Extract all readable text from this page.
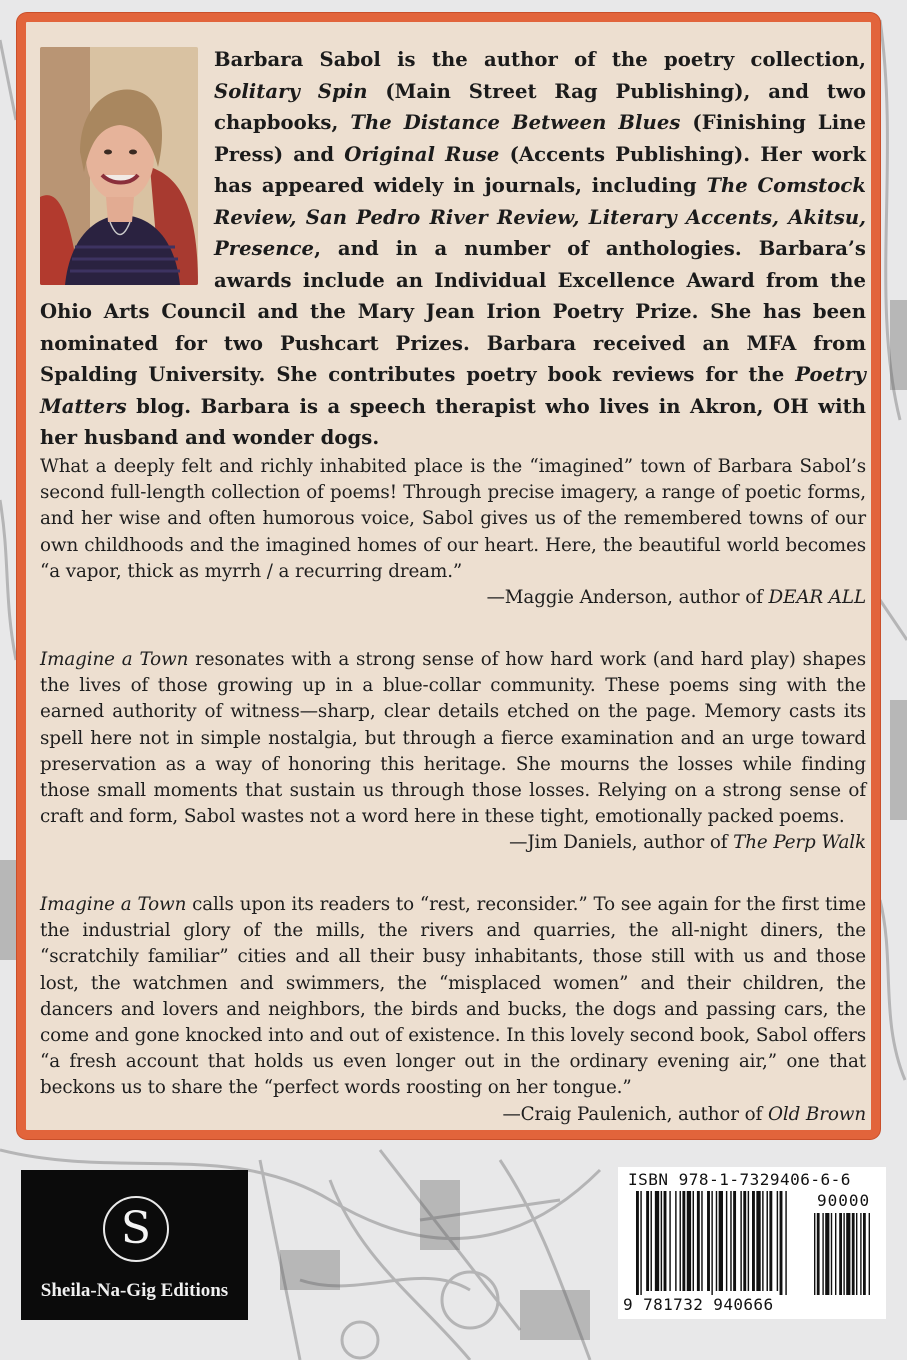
Barbara Sabol is the author of the poetry collection, Solitary Spin (Main Street Rag Publishing), and two chapbooks, The Distance Between Blues (Finishing Line Press) and Original Ruse (Accents Publishing). Her work has appeared widely in journals, including The Comstock Review, San Pedro River Review, Literary Accents, Akitsu, Presence, and in a number of anthologies. Barbara’s awards include an Individual Excellence Award from the Ohio Arts Council and the Mary Jean Irion Poetry Prize. She has been nominated for two Pushcart Prizes. Barbara received an MFA from Spalding University. She contributes poetry book reviews for the Poetry Matters blog. Barbara is a speech therapist who lives in Akron, OH with her husband and wonder dogs.
What a deeply felt and richly inhabited place is the “imagined” town of Barbara Sabol’s second full-length collection of poems! Through precise imagery, a range of poetic forms, and her wise and often humorous voice, Sabol gives us of the remembered towns of our own childhoods and the imagined homes of our heart. Here, the beautiful world becomes “a vapor, thick as myrrh / a recurring dream.”
—Maggie Anderson, author of DEAR ALL
Imagine a Town resonates with a strong sense of how hard work (and hard play) shapes the lives of those growing up in a blue-collar community. These poems sing with the earned authority of witness—sharp, clear details etched on the page. Memory casts its spell here not in simple nostalgia, but through a fierce examination and an urge toward preservation as a way of honoring this heritage. She mourns the losses while finding those small moments that sustain us through those losses. Relying on a strong sense of craft and form, Sabol wastes not a word here in these tight, emotionally packed poems.
—Jim Daniels, author of The Perp Walk
Imagine a Town calls upon its readers to “rest, reconsider.” To see again for the first time the industrial glory of the mills, the rivers and quarries, the all-night diners, the “scratchily familiar” cities and all their busy inhabitants, those still with us and those lost, the watchmen and swimmers, the “misplaced women” and their children, the dancers and lovers and neighbors, the birds and bucks, the dogs and passing cars, the come and gone knocked into and out of existence. In this lovely second book, Sabol offers “a fresh account that holds us even longer out in the ordinary evening air,” one that beckons us to share the “perfect words roosting on her tongue.”
—Craig Paulenich, author of Old Brown
S
Sheila-Na-Gig Editions
ISBN 978-1-7329406-6-6
90000
9 781732 940666
